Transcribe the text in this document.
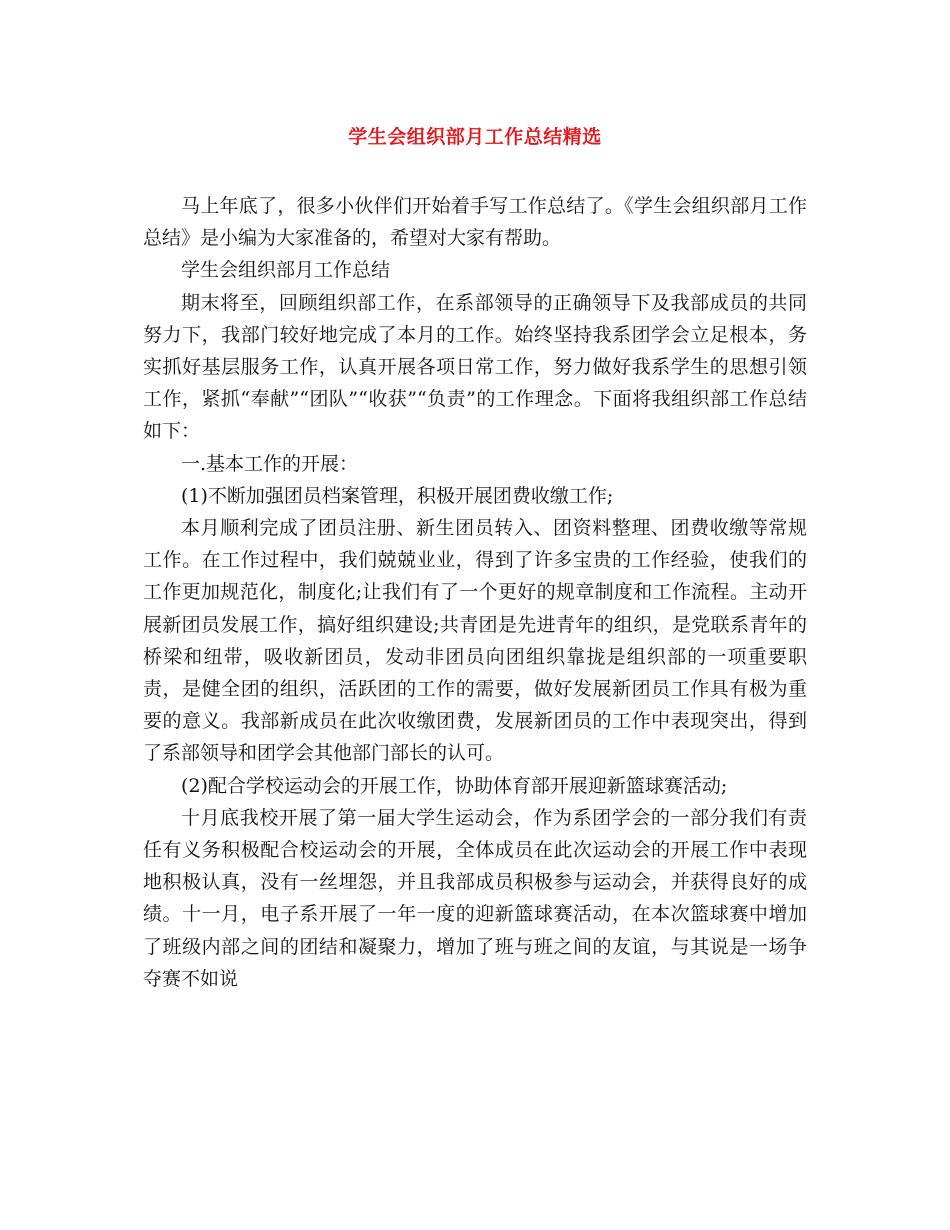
学生会组织部月工作总结精选

马上年底了，很多小伙伴们开始着手写工作总结了。《学生会组织部月工作总结》是小编为大家准备的，希望对大家有帮助。

学生会组织部月工作总结

期末将至，回顾组织部工作，在系部领导的正确领导下及我部成员的共同努力下，我部门较好地完成了本月的工作。始终坚持我系团学会立足根本，务实抓好基层服务工作，认真开展各项日常工作，努力做好我系学生的思想引领工作，紧抓“奉献”“团队”“收获”“负责”的工作理念。下面将我组织部工作总结如下：

一.基本工作的开展：

(1)不断加强团员档案管理，积极开展团费收缴工作;

本月顺利完成了团员注册、新生团员转入、团资料整理、团费收缴等常规工作。在工作过程中，我们兢兢业业，得到了许多宝贵的工作经验，使我们的工作更加规范化，制度化;让我们有了一个更好的规章制度和工作流程。主动开展新团员发展工作，搞好组织建设;共青团是先进青年的组织，是党联系青年的桥梁和纽带，吸收新团员，发动非团员向团组织靠拢是组织部的一项重要职责，是健全团的组织，活跃团的工作的需要，做好发展新团员工作具有极为重要的意义。我部新成员在此次收缴团费，发展新团员的工作中表现突出，得到了系部领导和团学会其他部门部长的认可。

(2)配合学校运动会的开展工作，协助体育部开展迎新篮球赛活动;

十月底我校开展了第一届大学生运动会，作为系团学会的一部分我们有责任有义务积极配合校运动会的开展，全体成员在此次运动会的开展工作中表现地积极认真，没有一丝埋怨，并且我部成员积极参与运动会，并获得良好的成绩。十一月，电子系开展了一年一度的迎新篮球赛活动，在本次篮球赛中增加了班级内部之间的团结和凝聚力，增加了班与班之间的友谊，与其说是一场争夺赛不如说
